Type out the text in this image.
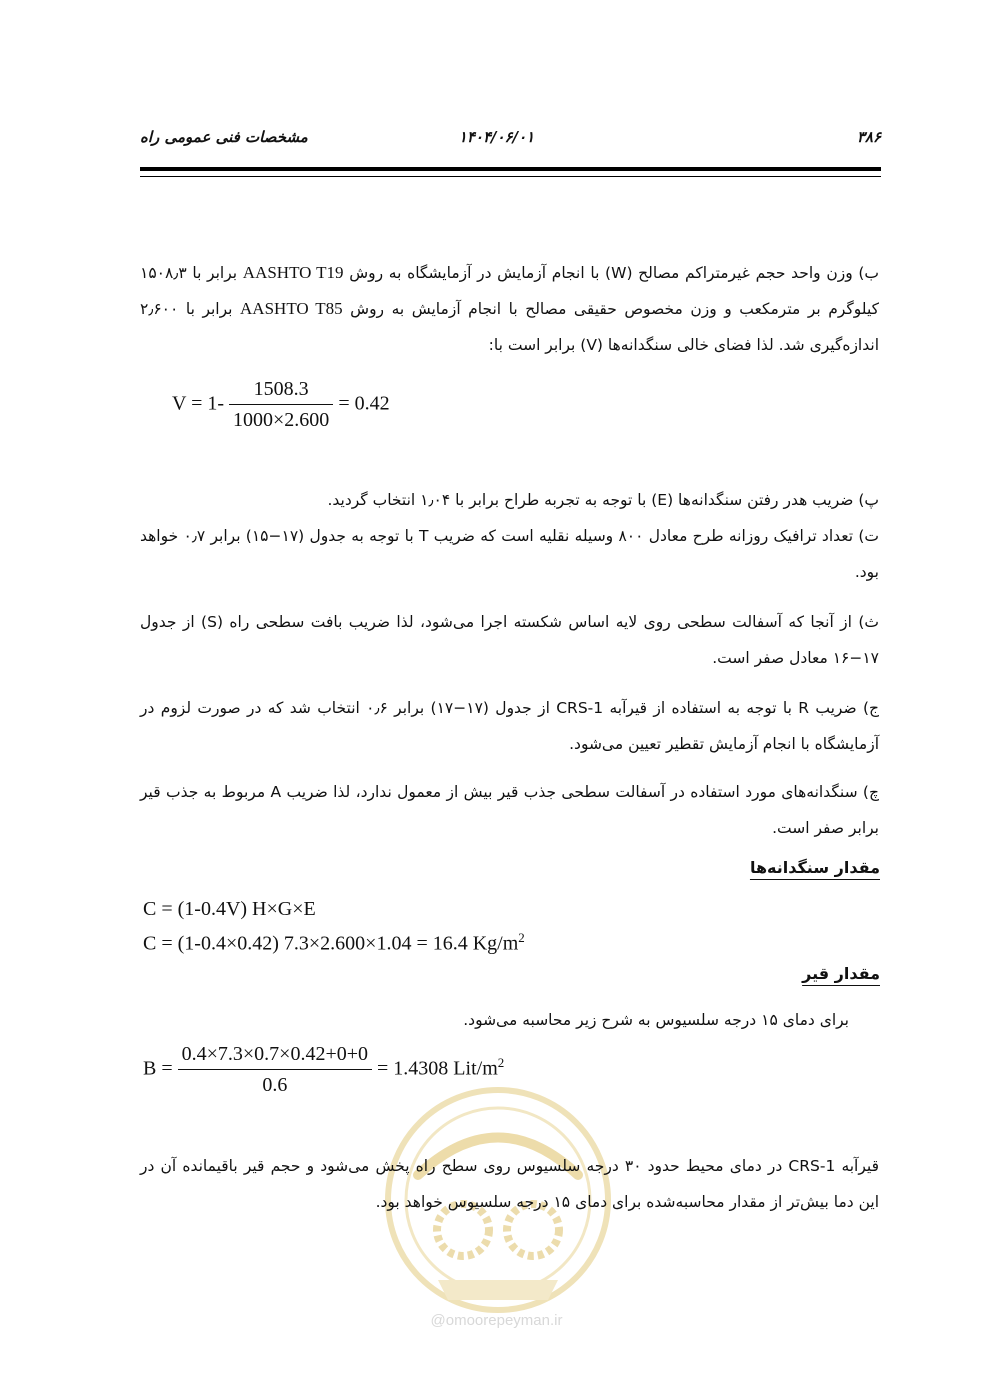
۳۸۶
۱۴۰۴/۰۶/۰۱
مشخصات فنی عمومی راه
ب) وزن واحد حجم غیرمتراکم مصالح (W) با انجام آزمایش در آزمایشگاه به روش AASHTO T19 برابر با ۱۵۰۸٫۳ کیلوگرم بر مترمکعب و وزن مخصوص حقیقی مصالح با انجام آزمایش به روش AASHTO T85 برابر با ۲٫۶۰۰ اندازه‌گیری شد. لذا فضای خالی سنگدانه‌ها (V) برابر است با:
$V = 1- \frac{1508.3}{1000\times 2.600} = 0.42$
پ) ضریب هدر رفتن سنگدانه‌ها (E) با توجه به تجربه طراح برابر با ۱٫۰۴ انتخاب گردید.
ت) تعداد ترافیک روزانه طرح معادل ۸۰۰ وسیله نقلیه است که ضریب T با توجه به جدول (۱۷−۱۵) برابر ۰٫۷ خواهد بود.
ث) از آنجا که آسفالت سطحی روی لایه اساس شکسته اجرا می‌شود، لذا ضریب بافت سطحی راه (S) از جدول ۱۷−۱۶ معادل صفر است.
ج) ضریب R با توجه به استفاده از قیرآبه CRS-1 از جدول (۱۷−۱۷) برابر ۰٫۶ انتخاب شد که در صورت لزوم در آزمایشگاه با انجام آزمایش تقطیر تعیین می‌شود.
چ) سنگدانه‌های مورد استفاده در آسفالت سطحی جذب قیر بیش از معمول ندارد، لذا ضریب A مربوط به جذب قیر برابر صفر است.
مقدار سنگدانه‌ها
C = (1-0.4V) H×G×E
C = (1-0.4×0.42) 7.3×2.600×1.04 = 16.4 $Kg/m^2$
مقدار قیر
برای دمای ۱۵ درجه سلسیوس به شرح زیر محاسبه می‌شود.
$B = \frac{0.4\times 7.3\times 0.7\times 0.42+0+0}{0.6} = 1.4308$ Lit/$m^2$
@omoorepeyman.ir
قیرآبه CRS-1 در دمای محیط حدود ۳۰ درجه سلسیوس روی سطح راه پخش می‌شود و حجم قیر باقیمانده آن در این دما بیش‌تر از مقدار محاسبه‌شده برای دمای ۱۵ درجه سلسیوس خواهد بود.
